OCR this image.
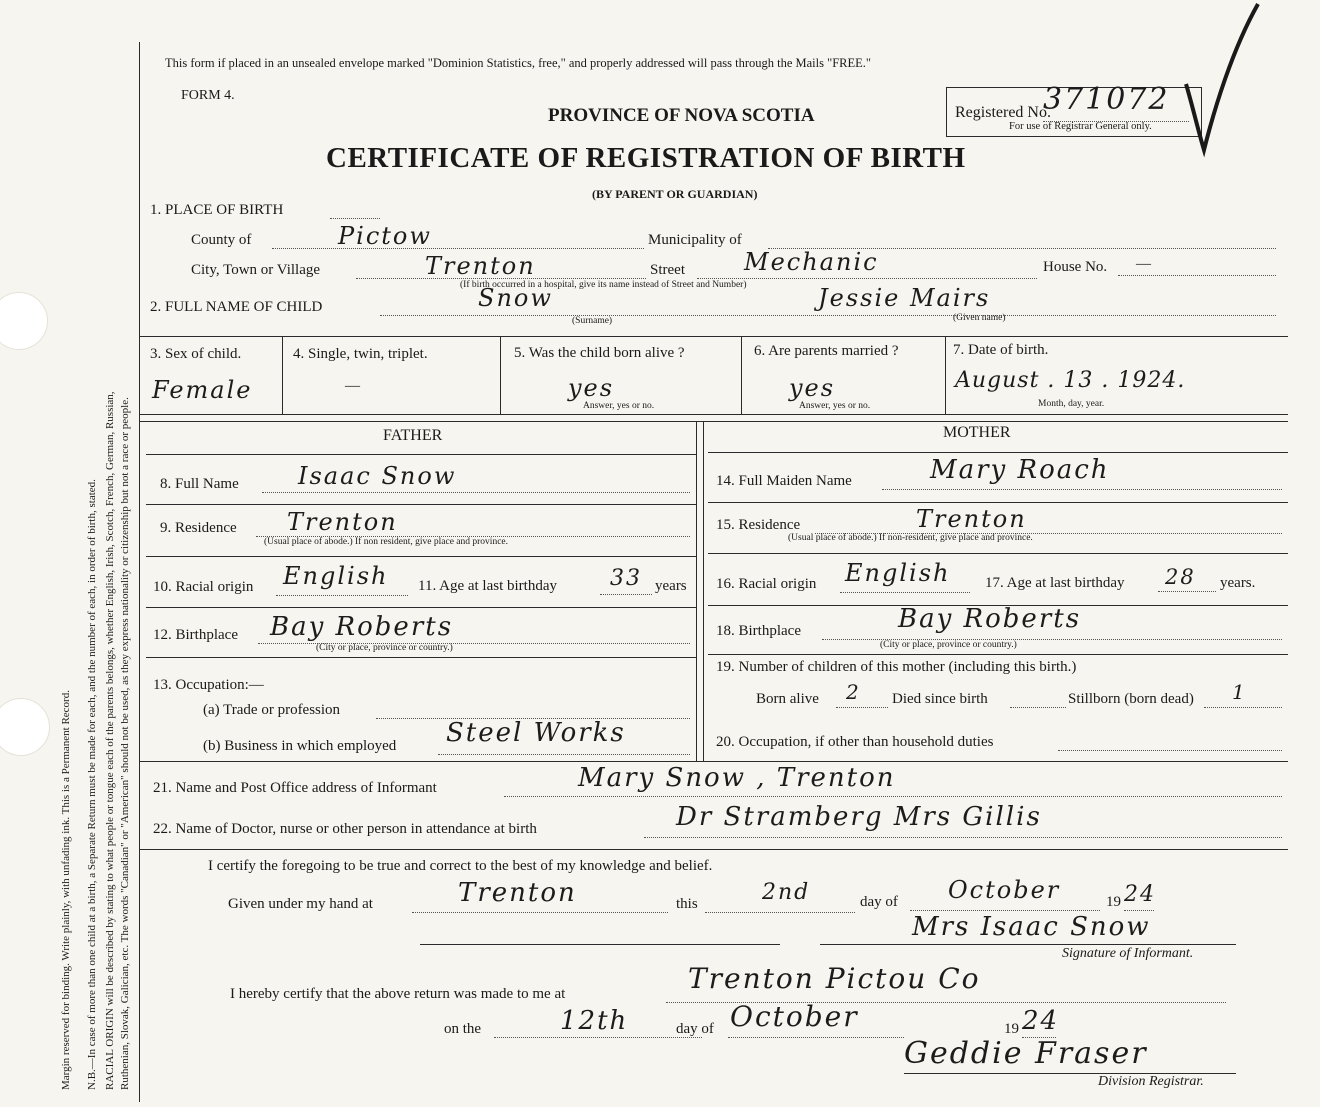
Margin reserved for binding. Write plainly, with unfading ink. This is a Permanent Record. N.B.—In case of more than one child at a birth, a Separate Return must be made for each, and the number of each, in order of birth, stated. RACIAL ORIGIN will be described by stating to what people or tongue each of the parents belongs, whether English, Irish, Scotch, French, German, Russian, Ruthenian, Slovak, Galician, etc. The words "Canadian" or "American" should not be used, as they express nationality or citizenship but not a race or people.
This form if placed in an unsealed envelope marked "Dominion Statistics, free," and properly addressed will pass through the Mails "FREE."
FORM 4.
PROVINCE OF NOVA SCOTIA
CERTIFICATE OF REGISTRATION OF BIRTH
(BY PARENT OR GUARDIAN)
Registered No.
371072
For use of Registrar General only.
1. PLACE OF BIRTH
County of	Pictow	Municipality of
City, Town or Village	Trenton	Street Mechanic	House No. —
(If birth occurred in a hospital, give its name instead of Street and Number)
2. FULL NAME OF CHILD	Snow
(Surname)
Jessie Mairs
(Given name)
3. Sex of child.
Female
4. Single, twin, triplet.
—
5. Was the child born alive ?
yes
Answer, yes or no.
6. Are parents married ?
yes
Answer, yes or no.
7. Date of birth.
August . 13 . 1924.
Month, day, year.
FATHER	MOTHER
8. Full Name Isaac Snow
9. Residence Trenton
(Usual place of abode.) If non resident, give place and province.
10. Racial origin English 11. Age at last birthday 33 years
12. Birthplace Bay Roberts
(City or place, province or country.)
13. Occupation:—
(a) Trade or profession
(b) Business in which employed Steel Works
14. Full Maiden Name	Mary Roach
15. Residence	Trenton
(Usual place of abode.) If non-resident, give place and province.
16. Racial origin English 17. Age at last birthday 28 years.
18. Birthplace	Bay Roberts
(City or place, province or country.)
19. Number of children of this mother (including this birth.)
Born alive 2 Died since birth	Stillborn (born dead) 1
20. Occupation, if other than household duties
21. Name and Post Office address of Informant	Mary Snow , Trenton
22. Name of Doctor, nurse or other person in attendance at birth	Dr Stramberg Mrs Gillis
I certify the foregoing to be true and correct to the best of my knowledge and belief.
Given under my hand at	Trenton	this	2nd	day of October	19 24
Mrs Isaac Snow
Signature of Informant.
I hereby certify that the above return was made to me at	Trenton Pictou Co
on the	12th	day of October	19 24
Geddie Fraser
Division Registrar.
